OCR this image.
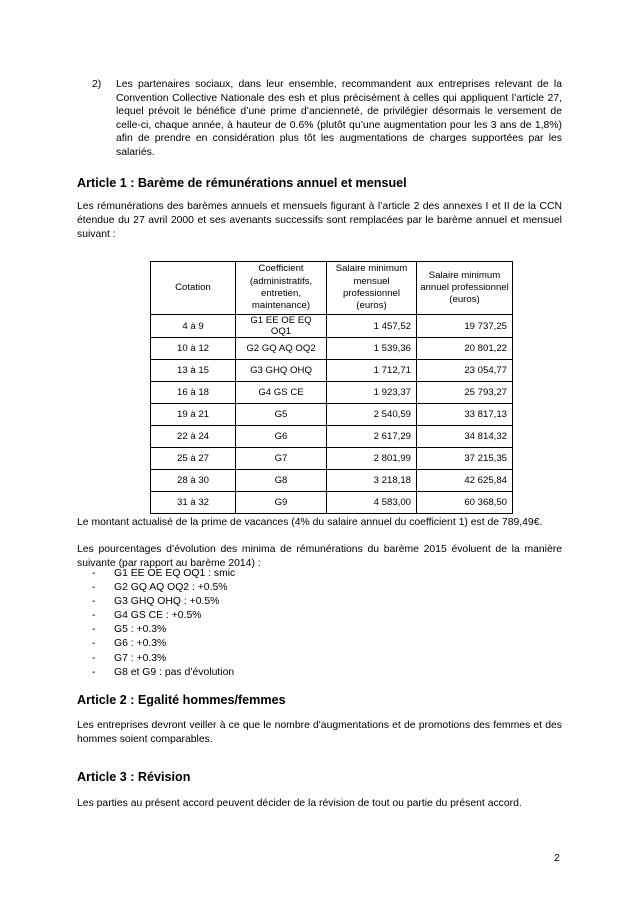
2) Les partenaires sociaux, dans leur ensemble, recommandent aux entreprises relevant de la Convention Collective Nationale des esh et plus précisément à celles qui appliquent l’article 27, lequel prévoit le bénéfice d’une prime d’ancienneté, de privilégier désormais le versement de celle-ci, chaque année, à hauteur de 0.6% (plutôt qu’une augmentation pour les 3 ans de 1,8%) afin de prendre en considération plus tôt les augmentations de charges supportées par les salariés.
Article 1 : Barème de rémunérations annuel et mensuel

Les rémunérations des barèmes annuels et mensuels figurant à l’article 2 des annexes I et II de la CCN étendue du 27 avril 2000 et ses avenants successifs sont remplacées par le barème annuel et mensuel suivant :

Cotation	Coefficient (administratifs, entretien, maintenance)	Salaire minimum mensuel professionnel (euros)	Salaire minimum annuel professionnel (euros)
4 à 9	G1 EE OE EQ OQ1	1 457,52	19 737,25
10 à 12	G2 GQ AQ OQ2	1 539,36	20 801,22
13 à 15	G3 GHQ OHQ	1 712,71	23 054,77
16 à 18	G4 GS CE	1 923,37	25 793,27
19 à 21	G5	2 540,59	33 817,13
22 à 24	G6	2 617,29	34 814,32
25 à 27	G7	2 801,99	37 215,35
28 à 30	G8	3 218,18	42 625,84
31 à 32	G9	4 583,00	60 368,50

Le montant actualisé de la prime de vacances (4% du salaire annuel du coefficient 1) est de 789,49€.

Les pourcentages d’évolution des minima de rémunérations du barème 2015 évoluent de la manière suivante (par rapport au barème 2014) :

- G1 EE OE EQ OQ1 : smic
- G2 GQ AQ OQ2 : +0.5%
- G3 GHQ OHQ : +0.5%
- G4 GS CE : +0.5%
- G5 : +0.3%
- G6 : +0.3%
- G7 : +0.3%
- G8 et G9 : pas d’évolution
Article 2 : Egalité hommes/femmes

Les entreprises devront veiller à ce que le nombre d'augmentations et de promotions des femmes et des hommes soient comparables.

Article 3 : Révision

Les parties au présent accord peuvent décider de la révision de tout ou partie du présent accord.

2
